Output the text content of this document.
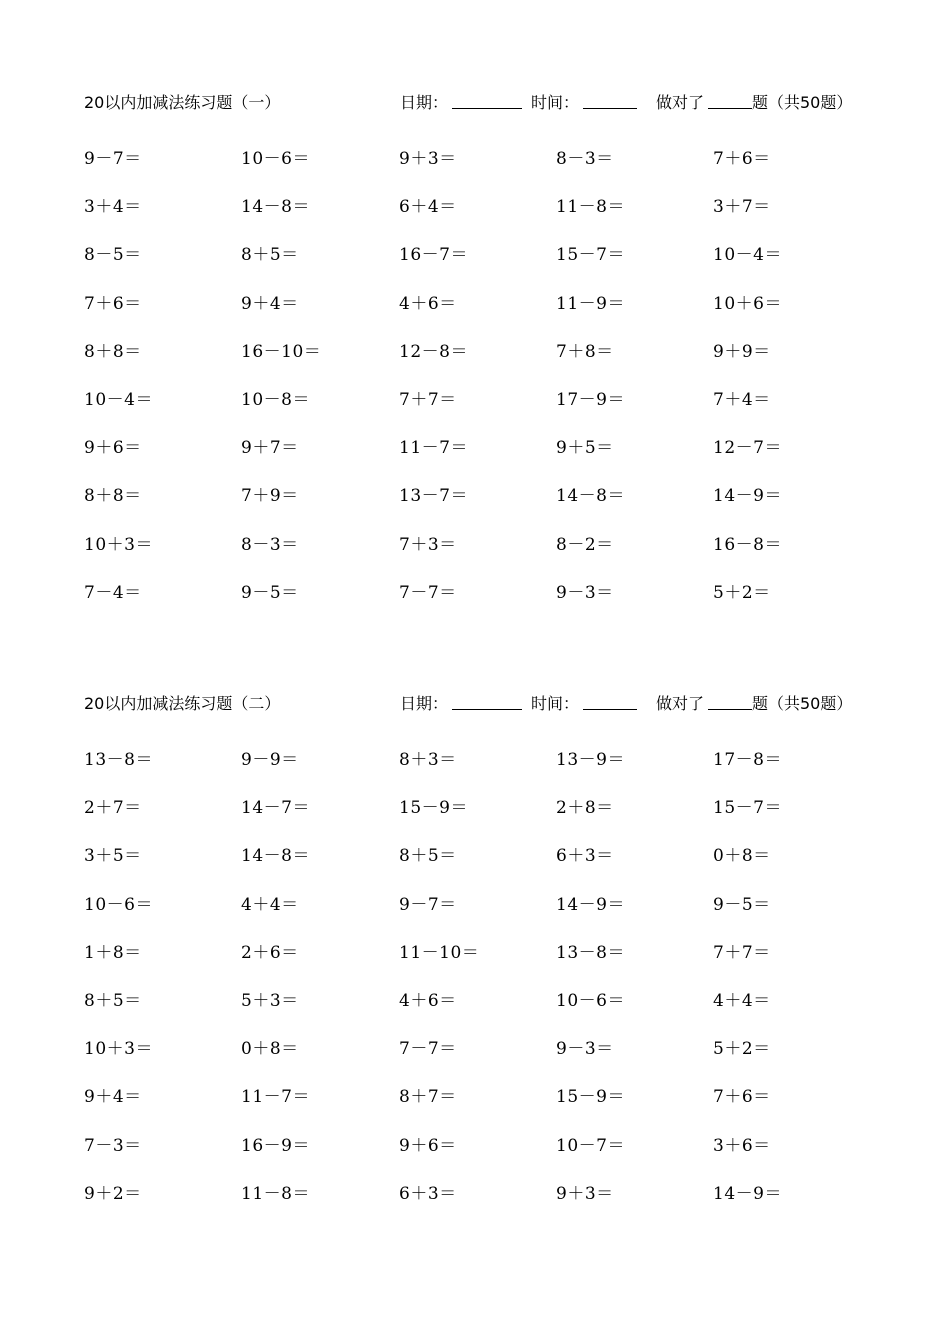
20以内加减法练习题（一）	日期：	时间：	做对了	题（共50题）
9－7＝	10－6＝	9＋3＝	8－3＝	7＋6＝
3＋4＝	14－8＝	6＋4＝	11－8＝	3＋7＝
8－5＝	8＋5＝	16－7＝	15－7＝	10－4＝
7＋6＝	9＋4＝	4＋6＝	11－9＝	10＋6＝
8＋8＝	16－10＝	12－8＝	7＋8＝	9＋9＝
10－4＝	10－8＝	7＋7＝	17－9＝	7＋4＝
9＋6＝	9＋7＝	11－7＝	9＋5＝	12－7＝
8＋8＝	7＋9＝	13－7＝	14－8＝	14－9＝
10＋3＝	8－3＝	7＋3＝	8－2＝	16－8＝
7－4＝	9－5＝	7－7＝	9－3＝	5＋2＝
20以内加减法练习题（二）	日期：	时间：	做对了	题（共50题）
13－8＝	9－9＝	8＋3＝	13－9＝	17－8＝
2＋7＝	14－7＝	15－9＝	2＋8＝	15－7＝
3＋5＝	14－8＝	8＋5＝	6＋3＝	0＋8＝
10－6＝	4＋4＝	9－7＝	14－9＝	9－5＝
1＋8＝	2＋6＝	11－10＝	13－8＝	7＋7＝
8＋5＝	5＋3＝	4＋6＝	10－6＝	4＋4＝
10＋3＝	0＋8＝	7－7＝	9－3＝	5＋2＝
9＋4＝	11－7＝	8＋7＝	15－9＝	7＋6＝
7－3＝	16－9＝	9＋6＝	10－7＝	3＋6＝
9＋2＝	11－8＝	6＋3＝	9＋3＝	14－9＝
